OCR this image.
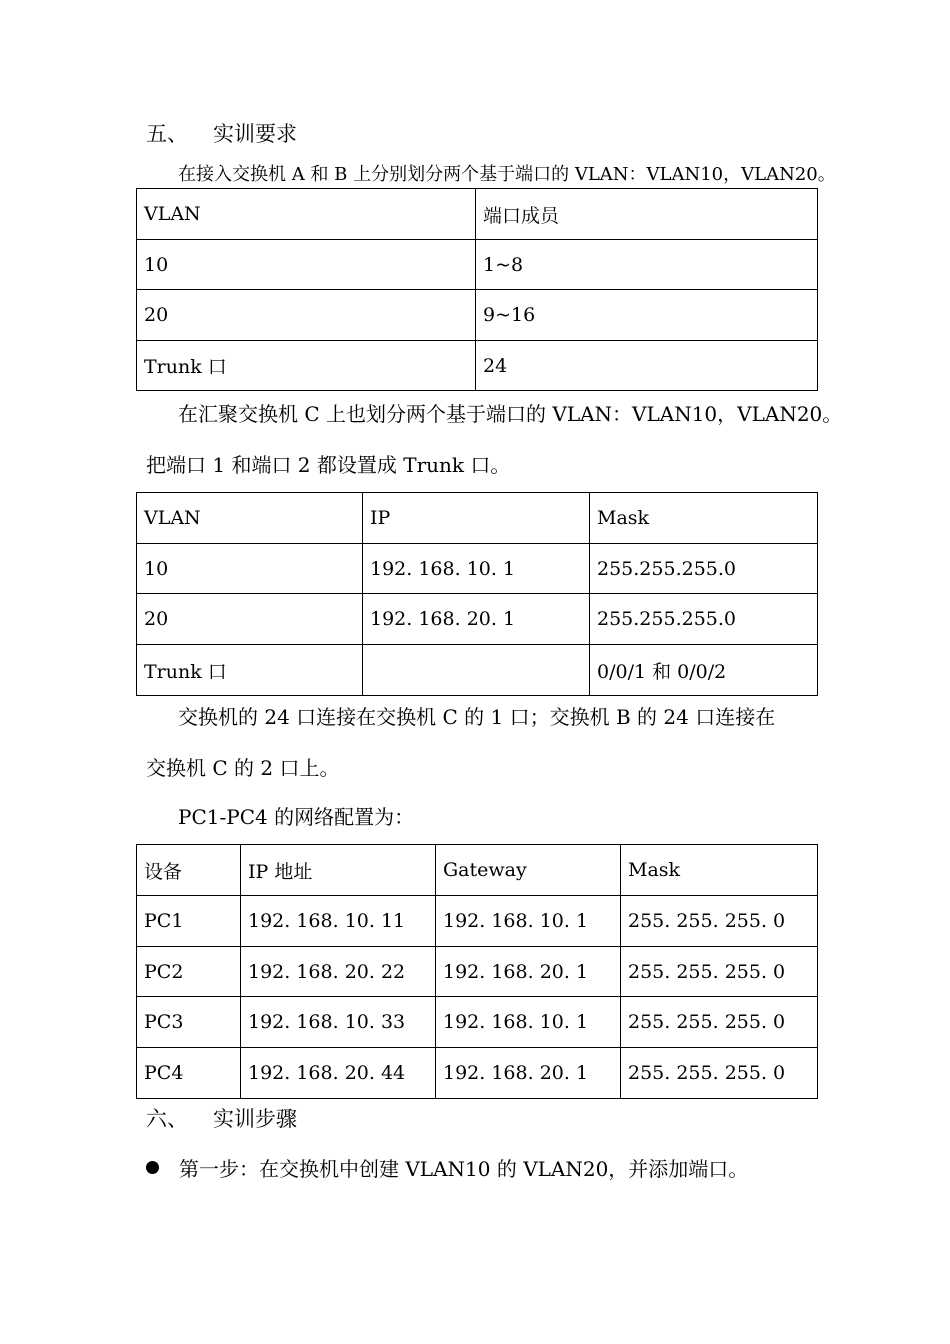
五、 实训要求
在接入交换机 A 和 B 上分别划分两个基于端口的 VLAN：VLAN10，VLAN20。
VLAN	端口成员
10	1~8
20	9~16
Trunk 口	24
在汇聚交换机 C 上也划分两个基于端口的 VLAN：VLAN10，VLAN20。
把端口 1 和端口 2 都设置成 Trunk 口。
VLAN	IP	Mask
10	192. 168. 10. 1	255.255.255.0
20	192. 168. 20. 1	255.255.255.0
Trunk 口		0/0/1 和 0/0/2
交换机的 24 口连接在交换机 C 的 1 口；交换机 B 的 24 口连接在
交换机 C 的 2 口上。
PC1-PC4 的网络配置为：
设备	IP 地址	Gateway	Mask
PC1	192. 168. 10. 11	192. 168. 10. 1	255. 255. 255. 0
PC2	192. 168. 20. 22	192. 168. 20. 1	255. 255. 255. 0
PC3	192. 168. 10. 33	192. 168. 10. 1	255. 255. 255. 0
PC4	192. 168. 20. 44	192. 168. 20. 1	255. 255. 255. 0
六、 实训步骤
第一步：在交换机中创建 VLAN10 的 VLAN20，并添加端口。
